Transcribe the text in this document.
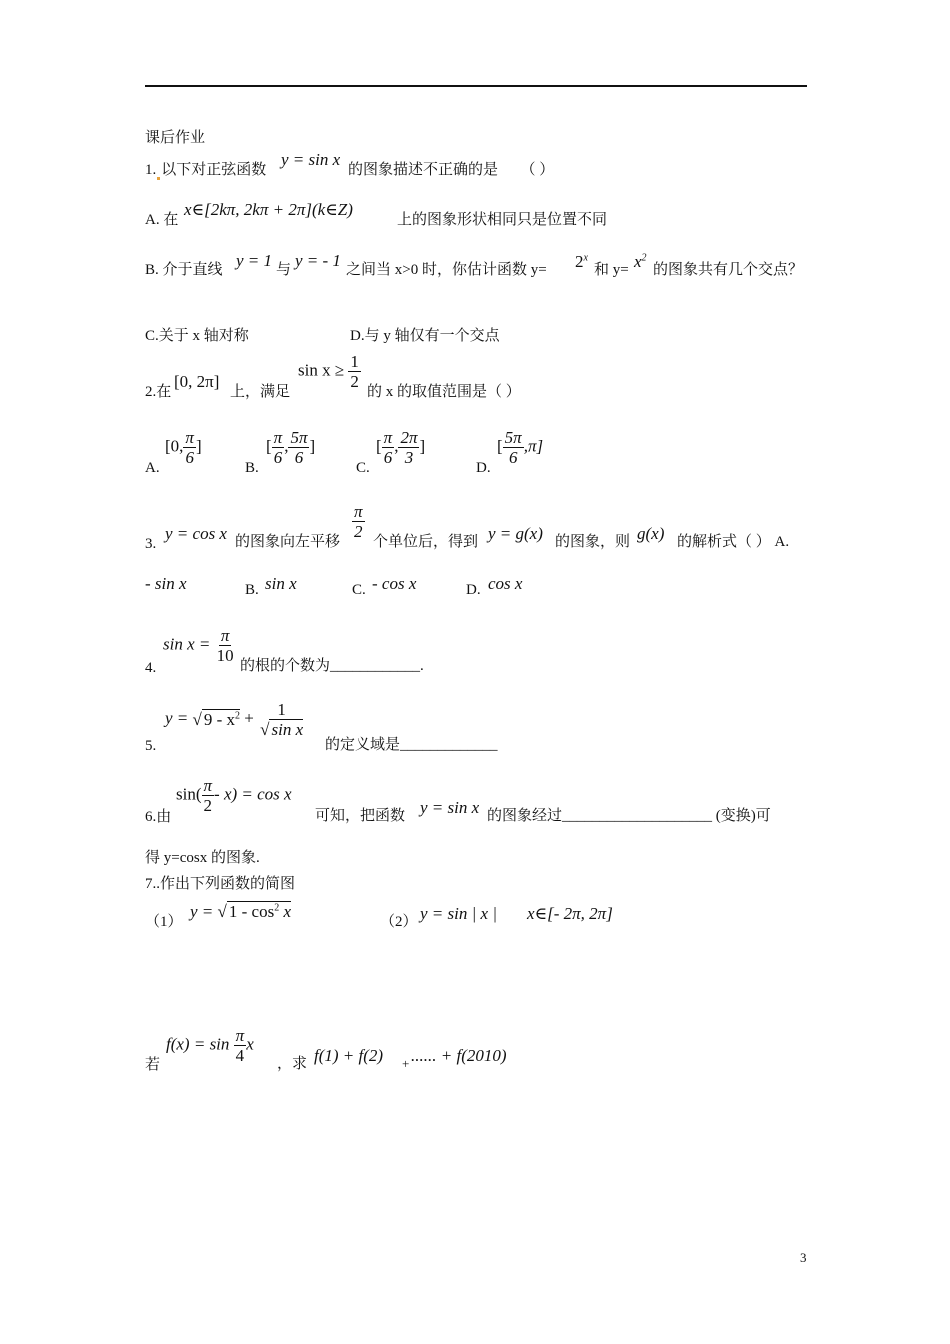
课后作业
1. 以下对正弦函数
y = sin x
的图象描述不正确的是 （ ）
A. 在
x∈[2kπ, 2kπ + 2π](k∈Z)
上的图象形状相同只是位置不同
B. 介于直线 y = 1 与 y = - 1 之间当 x>0 时，你估计函数 $y= 2^x$
和 $y= x^2$
的图象共有几个交点？
C.关于 x 轴对称	D.与 y 轴仅有一个交点
2.在
[0, 2π]
上，满足
$\sin x \ge \frac{1}{2}$
的 x 的取值范围是（ ）
A.
[0, $\frac{\pi}{6}$ ]
B.
[ $\frac{\pi}{6}$ , $\frac{5\pi}{6}$ ]
C.
[ $\frac{\pi}{6}$ , $\frac{2\pi}{3}$ ]
D.
[ $\frac{5\pi}{6} ,\pi$]
3.
y = cos x 的图象向左平移
$\frac{\pi}{2}$
个单位后，得到 y = g(x) 的图象，则 g(x) 的解析式（ ） A.
- sin x	B. sin x	C. - cos x	D. cos x
4.
$\sin x = \frac{\pi}{10}$
的根的个数为____________.
5.
y = √ $9 - x^2 + \frac{1}{\text{√ sin x}}$
的定义域是_____________
6.由
$\sin( \frac{\pi}{2} - x) = \cos x$
可知，把函数 y = sin x 的图象经过____________________ (变换)可
得 y=cosx 的图象.
7..作出下列函数的简图
（1）
y = √ $1 - \cos^2 x$
（2） y = sin | x | x∈[- 2π, 2π]
若
$f(x) = \sin \frac{\pi}{4}$ x
，求 f(1) + f(2) + ...... + f(2010)
3
